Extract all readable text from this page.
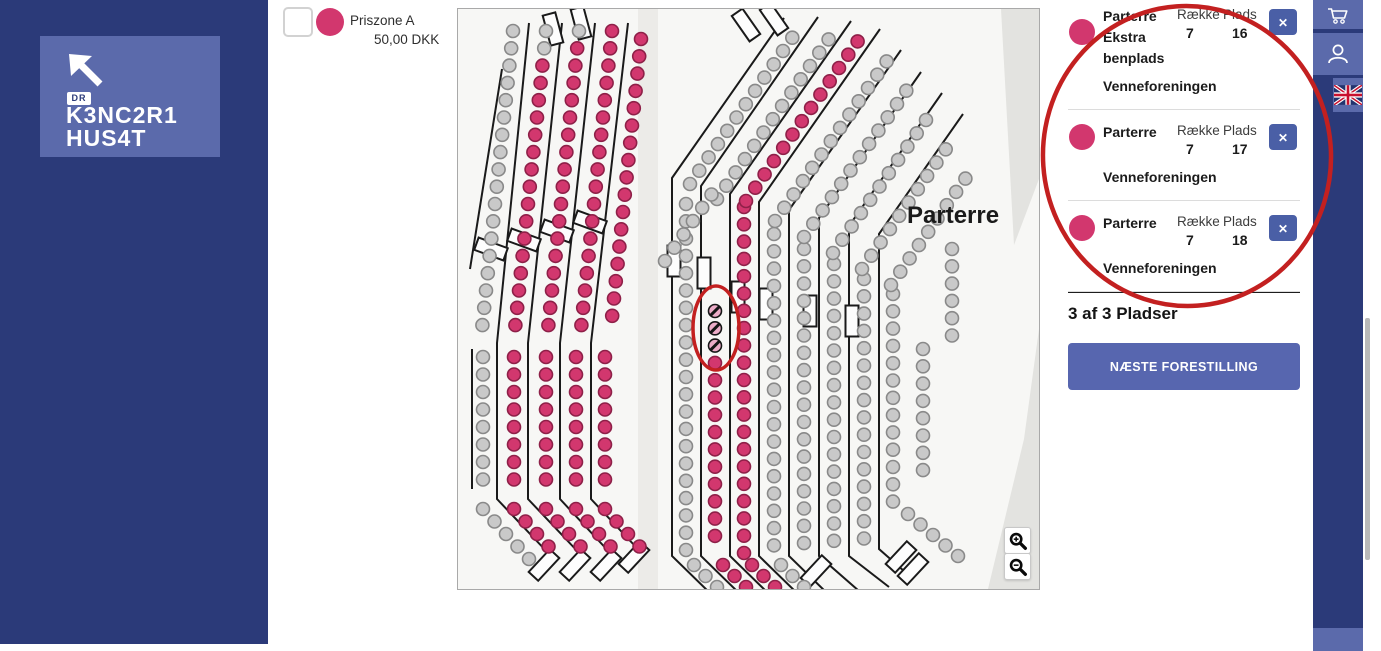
DR
K3NC2R1
HUS4T
Priszone A
50,00 DKK
Parterre
Parterre Ekstra benplads
Række
7
Plads
16
✕
Venneforeningen
Parterre	Række
7
Plads
17
✕
Venneforeningen
Parterre	Række
7
Plads
18
✕
Venneforeningen
3 af 3 Pladser
NÆSTE FORESTILLING
